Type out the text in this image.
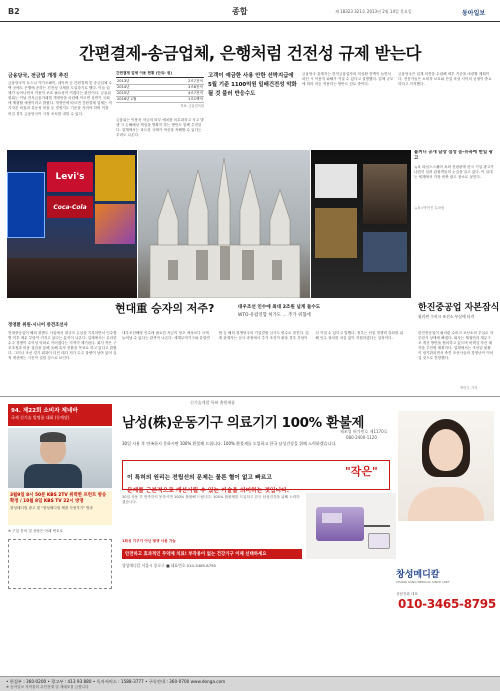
B2	종합	제 18323 321호 2013년 2월 14일 목요일	동아일보
간편결제-송금업체, 은행처럼 건전성 규제 받는다
금융당국, 전금법 개정 추진
금융당국이 토스나 카카오페이, 네이버 등 간편결제 및 송금업체 수백 곳에도 은행에 준하는 건전성 규제를 도입하기로 했다. 이들 업체가 늘어나면서 이용자 보호 필요성이 커졌다는 판단이다. 금융위원회는 이날 전자금융거래법 개정안을 마련해 이르면 상반기 국회에 제출할 예정이라고 밝혔다. 개정안에 따르면 간편결제 업체는 자기자본 비율과 유동성 비율 등 경영지도 기준을 지켜야 하며 이를 어길 경우 금융당국이 시정 조치를 내릴 수 있다.
간편결제 업체 이용 현황 (단위: 원)
2013년	2조7천억
2014년	3조8천억
2015년	4조7천억
2016년 1월	1조1백억
자료: 금융감독원
금융위는 이용자 자금의 외부 예치를 의무화하고 사고 발생 시 손해배상 책임을 명확히 하는 방안도 함께 추진한다. 업계에서는 과도한 규제가 혁신을 저해할 수 있다는 우려도 나온다.
고객이 예금한 사용 안한 선박지급에 5월 기준 1100억원 일배건전성 악화될 것 불러 반응수도
금융당국 관계자는 전자금융업자의 미상환 잔액이 늘면서 파산 시 이용자 피해가 커질 수 있다고 설명했다. 업체 규모에 따라 차등 적용하는 방안도 검토 중이다.
금융당국은 업계 의견을 수렴해 세부 기준을 마련할 계획이다. 전문가들은 소비자 보호와 산업 육성 사이의 균형이 중요하다고 지적했다.
Levi's
Coca-Cola
불꺼니 공개 담장 심성 돋-뉴욕에 한일 광고
뉴욕 타임스스퀘어 옥외 전광판에 한국 기업 광고가 나란히 걸려 관광객들의 눈길을 끌고 있다. 이 일대는 세계에서 가장 비싼 광고 장소로 꼽힌다.
뉴욕=박현진 특파원
현대重 승자의 저주?
정영환 위원·시니어 중견조선사
현대중공업이 해외 플랜트 사업에서 대규모 손실을 기록하면서 인수합병 이후 재무 부담이 커지고 있다는 분석이 나온다. 업계에서는 무리한 수주 경쟁이 수익성 악화로 이어졌다는 지적이 제기된다. 회사 측은 구조조정과 비용 절감을 통해 올해 흑자 전환을 목표로 하고 있다고 밝혔다. 그러나 조선 경기 회복이 더딘 데다 저가 수주 물량이 남아 있어 실적 개선에는 시간이 걸릴 것으로 보인다.
대우조선 인수에 최대 2조원 넘게 들수도
WTO·유럽연합 허가도 … 추가 위협에
대우조선해양 인수에 필요한 자금이 당초 예상보다 크게 늘어날 수 있다는 관측이 나온다. 세계무역기구와 유럽연합 등 해외 경쟁당국의 기업결합 심사도 변수로 꼽힌다. 업계 관계자는 심사 과정에서 추가 조건이 붙을 경우 부담이 더 커질 수 있다고 말했다. 정부는 산업 경쟁력 강화를 위해 인수 절차를 차질 없이 지원하겠다는 입장이다.
한진중공업 자본잠식
필리핀 수비크 조선소 부실에 타격
한진중공업이 필리핀 수비크 조선소의 부실로 자본잠식 상태에 빠졌다. 회사는 채권단과 재무구조 개선 방안을 협의하고 있으며 비핵심 자산 매각을 추진할 계획이다. 업계에서는 조선업 불황이 장기화되면서 중견 조선사들의 경영난이 이어질 것으로 전망했다.
박민우 기자
신기술개발 특허 출원제품
94. 제22회 소비자 제네바
국제 신기술 발명품 대회 (동메달)	남성(株)운동기구 의료기기 100% 환불제
제조업 허가번호 제1170호
080-2400-1120
30일 사용 후 만족하지 못하시면 100% 환불해 드립니다. 100% 환불제를 도입하고 한국 남성건강을 위해 노력하겠습니다.
이 특허의 원리는 전립선의 문제는 물론 혈이 없고 빠르고	"작은"
문제를 근본적으로 개선시킬 수 있는 기술을 의미하는 것입니다.
3월9일 8시 50분 KBS 2TV 위력한 프런트 방송 확정 / 10월 8일 KBS TV 22시 방영
창성메디컬 광고 및 "창성메디컬 제품 사용후기" 방송
※ 구입 문의 및 상담은 아래 번호로
30일 사용 후 만족하지 못하시면 100% 환불해 드립니다. 100% 환불제를 도입하고 한국 남성건강을 위해 노력하겠습니다.
1회성 기구가 아닌 평생 사용 가능
안전하고 효과적인 무약제 치료! 부작용이 없는 건강기구 이제 선택하세요
창성메디칼
CHANG SUNG MEDICAL SINCE 1987
상담전화 대표
010-3465-8795
창성메디칼 서울시 종로구 ■ 대표번호 010-3465-8795
• 편집부 : 360-0200 • 광고부 : 413 93 880 • 독자서비스 : 1588-3777 • 구독안내 : 360-0700 www.donga.com
※ 동아일보 저작물의 무단전재 및 재배포를 금합니다
